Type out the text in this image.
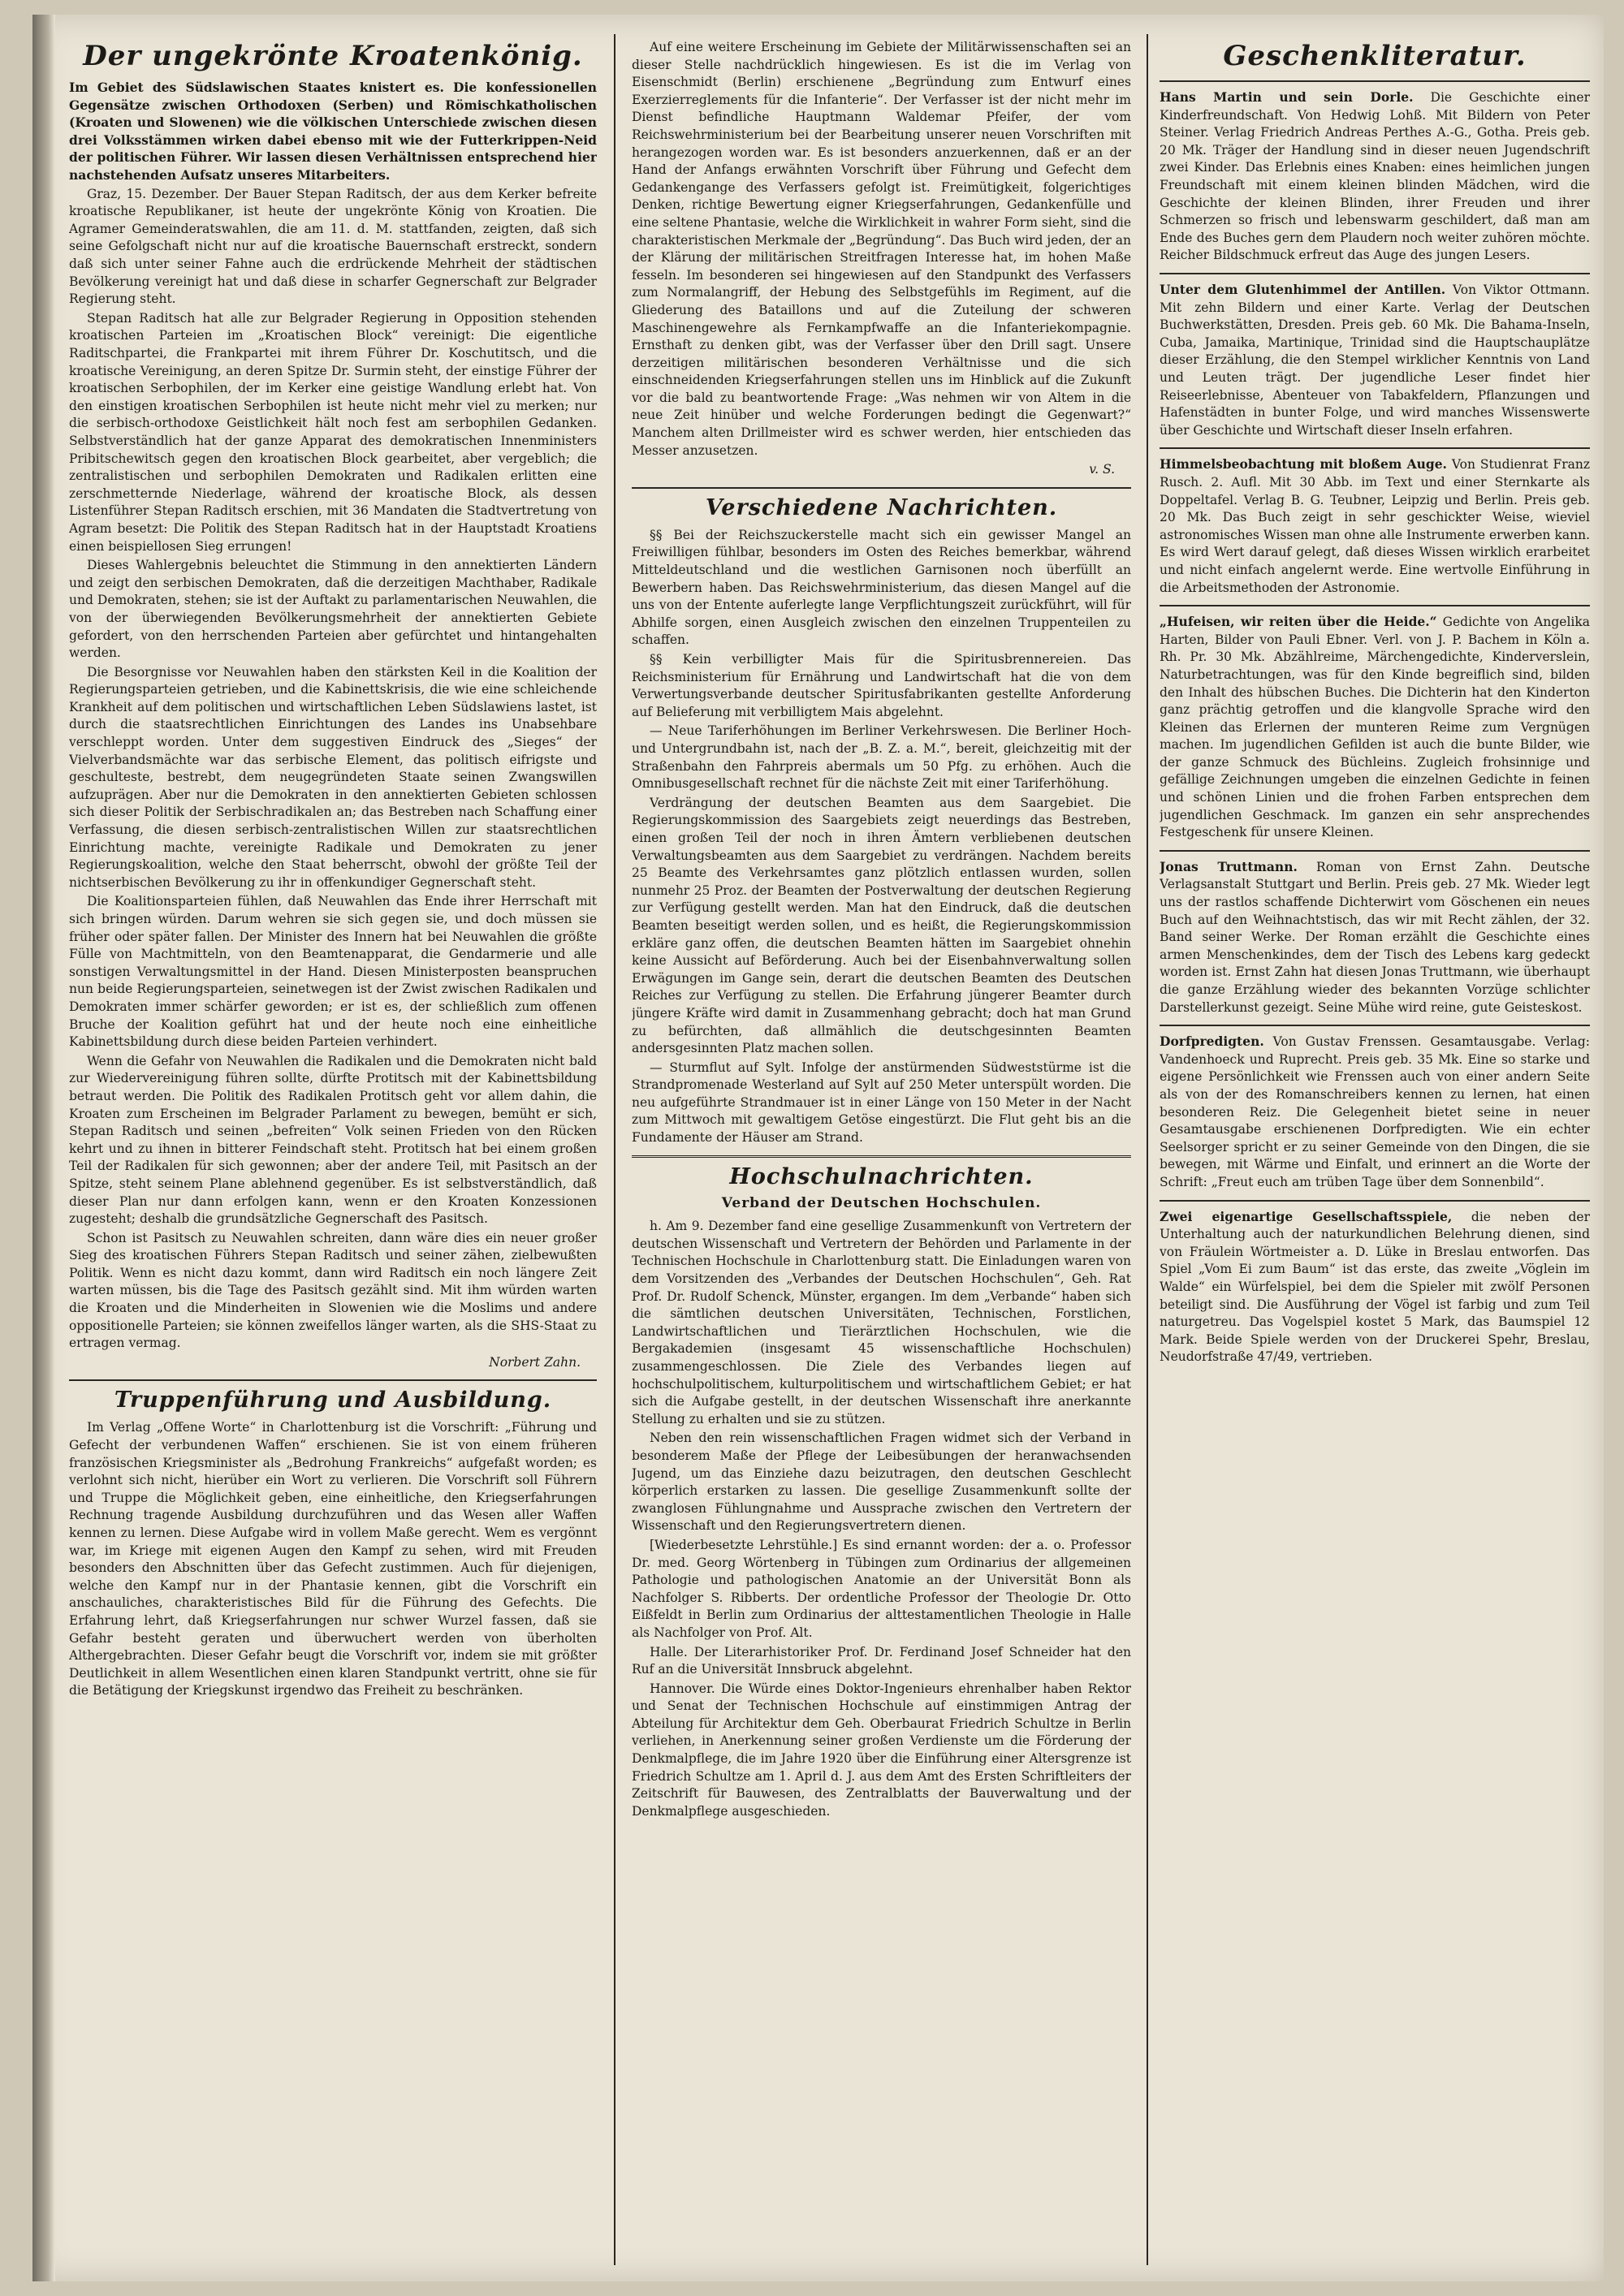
Der ungekrönte Kroatenkönig.

Im Gebiet des Südslawischen Staates knistert es. Die konfessionellen Gegensätze zwischen Orthodoxen (Serben) und Römischkatholischen (Kroaten und Slowenen) wie die völkischen Unterschiede zwischen diesen drei Volksstämmen wirken dabei ebenso mit wie der Futterkrippen-Neid der politischen Führer. Wir lassen diesen Verhältnissen entsprechend hier nachstehenden Aufsatz unseres Mitarbeiters.

Graz, 15. Dezember. Der Bauer Stepan Raditsch, der aus dem Kerker befreite kroatische Republikaner, ist heute der ungekrönte König von Kroatien. Die Agramer Gemeinderatswahlen, die am 11. d. M. stattfanden, zeigten, daß sich seine Gefolgschaft nicht nur auf die kroatische Bauernschaft erstreckt, sondern daß sich unter seiner Fahne auch die erdrückende Mehrheit der städtischen Bevölkerung vereinigt hat und daß diese in scharfer Gegnerschaft zur Belgrader Regierung steht.

Stepan Raditsch hat alle zur Belgrader Regierung in Opposition stehenden kroatischen Parteien im „Kroatischen Block“ vereinigt: Die eigentliche Raditschpartei, die Frankpartei mit ihrem Führer Dr. Koschutitsch, und die kroatische Vereinigung, an deren Spitze Dr. Surmin steht, der einstige Führer der kroatischen Serbophilen, der im Kerker eine geistige Wandlung erlebt hat. Von den einstigen kroatischen Serbophilen ist heute nicht mehr viel zu merken; nur die serbisch-orthodoxe Geistlichkeit hält noch fest am serbophilen Gedanken. Selbstverständlich hat der ganze Apparat des demokratischen Innenministers Pribitschewitsch gegen den kroatischen Block gearbeitet, aber vergeblich; die zentralistischen und serbophilen Demokraten und Radikalen erlitten eine zerschmetternde Niederlage, während der kroatische Block, als dessen Listenführer Stepan Raditsch erschien, mit 36 Mandaten die Stadtvertretung von Agram besetzt: Die Politik des Stepan Raditsch hat in der Hauptstadt Kroatiens einen beispiellosen Sieg errungen!

Dieses Wahlergebnis beleuchtet die Stimmung in den annektierten Ländern und zeigt den serbischen Demokraten, daß die derzeitigen Machthaber, Radikale und Demokraten, stehen; sie ist der Auftakt zu parlamentarischen Neuwahlen, die von der überwiegenden Bevölkerungsmehrheit der annektierten Gebiete gefordert, von den herrschenden Parteien aber gefürchtet und hintangehalten werden.

Die Besorgnisse vor Neuwahlen haben den stärksten Keil in die Koalition der Regierungsparteien getrieben, und die Kabinettskrisis, die wie eine schleichende Krankheit auf dem politischen und wirtschaftlichen Leben Südslawiens lastet, ist durch die staatsrechtlichen Einrichtungen des Landes ins Unabsehbare verschleppt worden. Unter dem suggestiven Eindruck des „Sieges“ der Vielverbandsmächte war das serbische Element, das politisch eifrigste und geschulteste, bestrebt, dem neugegründeten Staate seinen Zwangswillen aufzuprägen. Aber nur die Demokraten in den annektierten Gebieten schlossen sich dieser Politik der Serbischradikalen an; das Bestreben nach Schaffung einer Verfassung, die diesen serbisch-zentralistischen Willen zur staatsrechtlichen Einrichtung machte, vereinigte Radikale und Demokraten zu jener Regierungskoalition, welche den Staat beherrscht, obwohl der größte Teil der nichtserbischen Bevölkerung zu ihr in offenkundiger Gegnerschaft steht.

Die Koalitionsparteien fühlen, daß Neuwahlen das Ende ihrer Herrschaft mit sich bringen würden. Darum wehren sie sich gegen sie, und doch müssen sie früher oder später fallen. Der Minister des Innern hat bei Neuwahlen die größte Fülle von Machtmitteln, von den Beamtenapparat, die Gendarmerie und alle sonstigen Verwaltungsmittel in der Hand. Diesen Ministerposten beanspruchen nun beide Regierungsparteien, seinetwegen ist der Zwist zwischen Radikalen und Demokraten immer schärfer geworden; er ist es, der schließlich zum offenen Bruche der Koalition geführt hat und der heute noch eine einheitliche Kabinettsbildung durch diese beiden Parteien verhindert.

Wenn die Gefahr von Neuwahlen die Radikalen und die Demokraten nicht bald zur Wiedervereinigung führen sollte, dürfte Protitsch mit der Kabinettsbildung betraut werden. Die Politik des Radikalen Protitsch geht vor allem dahin, die Kroaten zum Erscheinen im Belgrader Parlament zu bewegen, bemüht er sich, Stepan Raditsch und seinen „befreiten“ Volk seinen Frieden von den Rücken kehrt und zu ihnen in bitterer Feindschaft steht. Protitsch hat bei einem großen Teil der Radikalen für sich gewonnen; aber der andere Teil, mit Pasitsch an der Spitze, steht seinem Plane ablehnend gegenüber. Es ist selbstverständlich, daß dieser Plan nur dann erfolgen kann, wenn er den Kroaten Konzessionen zugesteht; deshalb die grundsätzliche Gegnerschaft des Pasitsch.

Schon ist Pasitsch zu Neuwahlen schreiten, dann wäre dies ein neuer großer Sieg des kroatischen Führers Stepan Raditsch und seiner zähen, zielbewußten Politik. Wenn es nicht dazu kommt, dann wird Raditsch ein noch längere Zeit warten müssen, bis die Tage des Pasitsch gezählt sind. Mit ihm würden warten die Kroaten und die Minderheiten in Slowenien wie die Moslims und andere oppositionelle Parteien; sie können zweifellos länger warten, als die SHS-Staat zu ertragen vermag.

Norbert Zahn.
Truppenführung und Ausbildung.

Im Verlag „Offene Worte“ in Charlottenburg ist die Vorschrift: „Führung und Gefecht der verbundenen Waffen“ erschienen. Sie ist von einem früheren französischen Kriegsminister als „Bedrohung Frankreichs“ aufgefaßt worden; es verlohnt sich nicht, hierüber ein Wort zu verlieren. Die Vorschrift soll Führern und Truppe die Möglichkeit geben, eine einheitliche, den Kriegserfahrungen Rechnung tragende Ausbildung durchzuführen und das Wesen aller Waffen kennen zu lernen. Diese Aufgabe wird in vollem Maße gerecht. Wem es vergönnt war, im Kriege mit eigenen Augen den Kampf zu sehen, wird mit Freuden besonders den Abschnitten über das Gefecht zustimmen. Auch für diejenigen, welche den Kampf nur in der Phantasie kennen, gibt die Vorschrift ein anschauliches, charakteristisches Bild für die Führung des Gefechts. Die Erfahrung lehrt, daß Kriegserfahrungen nur schwer Wurzel fassen, daß sie Gefahr besteht geraten und überwuchert werden von überholten Althergebrachten. Dieser Gefahr beugt die Vorschrift vor, indem sie mit größter Deutlichkeit in allem Wesentlichen einen klaren Standpunkt vertritt, ohne sie für die Betätigung der Kriegskunst irgendwo das Freiheit zu beschränken.

Auf eine weitere Erscheinung im Gebiete der Militärwissenschaften sei an dieser Stelle nachdrücklich hingewiesen. Es ist die im Verlag von Eisenschmidt (Berlin) erschienene „Begründung zum Entwurf eines Exerzierreglements für die Infanterie“. Der Verfasser ist der nicht mehr im Dienst befindliche Hauptmann Waldemar Pfeifer, der vom Reichswehrministerium bei der Bearbeitung unserer neuen Vorschriften mit herangezogen worden war. Es ist besonders anzuerkennen, daß er an der Hand der Anfangs erwähnten Vorschrift über Führung und Gefecht dem Gedankengange des Verfassers gefolgt ist. Freimütigkeit, folgerichtiges Denken, richtige Bewertung eigner Kriegserfahrungen, Gedankenfülle und eine seltene Phantasie, welche die Wirklichkeit in wahrer Form sieht, sind die charakteristischen Merkmale der „Begründung“. Das Buch wird jeden, der an der Klärung der militärischen Streitfragen Interesse hat, im hohen Maße fesseln. Im besonderen sei hingewiesen auf den Standpunkt des Verfassers zum Normalangriff, der Hebung des Selbstgefühls im Regiment, auf die Gliederung des Bataillons und auf die Zuteilung der schweren Maschinengewehre als Fernkampfwaffe an die Infanteriekompagnie. Ernsthaft zu denken gibt, was der Verfasser über den Drill sagt. Unsere derzeitigen militärischen besonderen Verhältnisse und die sich einschneidenden Kriegserfahrungen stellen uns im Hinblick auf die Zukunft vor die bald zu beantwortende Frage: „Was nehmen wir von Altem in die neue Zeit hinüber und welche Forderungen bedingt die Gegenwart?“ Manchem alten Drillmeister wird es schwer werden, hier entschieden das Messer anzusetzen.

v. S.
Verschiedene Nachrichten.

§§ Bei der Reichszuckerstelle macht sich ein gewisser Mangel an Freiwilligen fühlbar, besonders im Osten des Reiches bemerkbar, während Mitteldeutschland und die westlichen Garnisonen noch überfüllt an Bewerbern haben. Das Reichswehrministerium, das diesen Mangel auf die uns von der Entente auferlegte lange Verpflichtungszeit zurückführt, will für Abhilfe sorgen, einen Ausgleich zwischen den einzelnen Truppenteilen zu schaffen.

§§ Kein verbilligter Mais für die Spiritusbrennereien. Das Reichsministerium für Ernährung und Landwirtschaft hat die von dem Verwertungsverbande deutscher Spiritusfabrikanten gestellte Anforderung auf Belieferung mit verbilligtem Mais abgelehnt.

— Neue Tariferhöhungen im Berliner Verkehrswesen. Die Berliner Hoch- und Untergrundbahn ist, nach der „B. Z. a. M.“, bereit, gleichzeitig mit der Straßenbahn den Fahrpreis abermals um 50 Pfg. zu erhöhen. Auch die Omnibusgesellschaft rechnet für die nächste Zeit mit einer Tariferhöhung.

Verdrängung der deutschen Beamten aus dem Saargebiet. Die Regierungskommission des Saargebiets zeigt neuerdings das Bestreben, einen großen Teil der noch in ihren Ämtern verbliebenen deutschen Verwaltungsbeamten aus dem Saargebiet zu verdrängen. Nachdem bereits 25 Beamte des Verkehrsamtes ganz plötzlich entlassen wurden, sollen nunmehr 25 Proz. der Beamten der Postverwaltung der deutschen Regierung zur Verfügung gestellt werden. Man hat den Eindruck, daß die deutschen Beamten beseitigt werden sollen, und es heißt, die Regierungskommission erkläre ganz offen, die deutschen Beamten hätten im Saargebiet ohnehin keine Aussicht auf Beförderung. Auch bei der Eisenbahnverwaltung sollen Erwägungen im Gange sein, derart die deutschen Beamten des Deutschen Reiches zur Verfügung zu stellen. Die Erfahrung jüngerer Beamter durch jüngere Kräfte wird damit in Zusammenhang gebracht; doch hat man Grund zu befürchten, daß allmählich die deutschgesinnten Beamten andersgesinnten Platz machen sollen.

— Sturmflut auf Sylt. Infolge der anstürmenden Südweststürme ist die Strandpromenade Westerland auf Sylt auf 250 Meter unterspült worden. Die neu aufgeführte Strandmauer ist in einer Länge von 150 Meter in der Nacht zum Mittwoch mit gewaltigem Getöse eingestürzt. Die Flut geht bis an die Fundamente der Häuser am Strand.

Hochschulnachrichten.
Verband der Deutschen Hochschulen.

h. Am 9. Dezember fand eine gesellige Zusammenkunft von Vertretern der deutschen Wissenschaft und Vertretern der Behörden und Parlamente in der Technischen Hochschule in Charlottenburg statt. Die Einladungen waren von dem Vorsitzenden des „Verbandes der Deutschen Hochschulen“, Geh. Rat Prof. Dr. Rudolf Schenck, Münster, ergangen. Im dem „Verbande“ haben sich die sämtlichen deutschen Universitäten, Technischen, Forstlichen, Landwirtschaftlichen und Tierärztlichen Hochschulen, wie die Bergakademien (insgesamt 45 wissenschaftliche Hochschulen) zusammengeschlossen. Die Ziele des Verbandes liegen auf hochschulpolitischem, kulturpolitischem und wirtschaftlichem Gebiet; er hat sich die Aufgabe gestellt, in der deutschen Wissenschaft ihre anerkannte Stellung zu erhalten und sie zu stützen.

Neben den rein wissenschaftlichen Fragen widmet sich der Verband in besonderem Maße der Pflege der Leibesübungen der heranwachsenden Jugend, um das Einziehe dazu beizutragen, den deutschen Geschlecht körperlich erstarken zu lassen. Die gesellige Zusammenkunft sollte der zwanglosen Fühlungnahme und Aussprache zwischen den Vertretern der Wissenschaft und den Regierungsvertretern dienen.

[Wiederbesetzte Lehrstühle.] Es sind ernannt worden: der a. o. Professor Dr. med. Georg Wörtenberg in Tübingen zum Ordinarius der allgemeinen Pathologie und pathologischen Anatomie an der Universität Bonn als Nachfolger S. Ribberts. Der ordentliche Professor der Theologie Dr. Otto Eißfeldt in Berlin zum Ordinarius der alttestamentlichen Theologie in Halle als Nachfolger von Prof. Alt.

Halle. Der Literarhistoriker Prof. Dr. Ferdinand Josef Schneider hat den Ruf an die Universität Innsbruck abgelehnt.

Hannover. Die Würde eines Doktor-Ingenieurs ehrenhalber haben Rektor und Senat der Technischen Hochschule auf einstimmigen Antrag der Abteilung für Architektur dem Geh. Oberbaurat Friedrich Schultze in Berlin verliehen, in Anerkennung seiner großen Verdienste um die Förderung der Denkmalpflege, die im Jahre 1920 über die Einführung einer Altersgrenze ist Friedrich Schultze am 1. April d. J. aus dem Amt des Ersten Schriftleiters der Zeitschrift für Bauwesen, des Zentralblatts der Bauverwaltung und der Denkmalpflege ausgeschieden.

Geschenkliteratur.

Hans Martin und sein Dorle. Die Geschichte einer Kinderfreundschaft. Von Hedwig Lohß. Mit Bildern von Peter Steiner. Verlag Friedrich Andreas Perthes A.-G., Gotha. Preis geb. 20 Mk. Träger der Handlung sind in dieser neuen Jugendschrift zwei Kinder. Das Erlebnis eines Knaben: eines heimlichen jungen Freundschaft mit einem kleinen blinden Mädchen, wird die Geschichte der kleinen Blinden, ihrer Freuden und ihrer Schmerzen so frisch und lebenswarm geschildert, daß man am Ende des Buches gern dem Plaudern noch weiter zuhören möchte. Reicher Bildschmuck erfreut das Auge des jungen Lesers.

Unter dem Glutenhimmel der Antillen. Von Viktor Ottmann. Mit zehn Bildern und einer Karte. Verlag der Deutschen Buchwerkstätten, Dresden. Preis geb. 60 Mk. Die Bahama-Inseln, Cuba, Jamaika, Martinique, Trinidad sind die Hauptschauplätze dieser Erzählung, die den Stempel wirklicher Kenntnis von Land und Leuten trägt. Der jugendliche Leser findet hier Reiseerlebnisse, Abenteuer von Tabakfeldern, Pflanzungen und Hafenstädten in bunter Folge, und wird manches Wissenswerte über Geschichte und Wirtschaft dieser Inseln erfahren.

Himmelsbeobachtung mit bloßem Auge. Von Studienrat Franz Rusch. 2. Aufl. Mit 30 Abb. im Text und einer Sternkarte als Doppeltafel. Verlag B. G. Teubner, Leipzig und Berlin. Preis geb. 20 Mk. Das Buch zeigt in sehr geschickter Weise, wieviel astronomisches Wissen man ohne alle Instrumente erwerben kann. Es wird Wert darauf gelegt, daß dieses Wissen wirklich erarbeitet und nicht einfach angelernt werde. Eine wertvolle Einführung in die Arbeitsmethoden der Astronomie.

„Hufeisen, wir reiten über die Heide.“ Gedichte von Angelika Harten, Bilder von Pauli Ebner. Verl. von J. P. Bachem in Köln a. Rh. Pr. 30 Mk. Abzählreime, Märchengedichte, Kinderverslein, Naturbetrachtungen, was für den Kinde begreiflich sind, bilden den Inhalt des hübschen Buches. Die Dichterin hat den Kinderton ganz prächtig getroffen und die klangvolle Sprache wird den Kleinen das Erlernen der munteren Reime zum Vergnügen machen. Im jugendlichen Gefilden ist auch die bunte Bilder, wie der ganze Schmuck des Büchleins. Zugleich frohsinnige und gefällige Zeichnungen umgeben die einzelnen Gedichte in feinen und schönen Linien und die frohen Farben entsprechen dem jugendlichen Geschmack. Im ganzen ein sehr ansprechendes Festgeschenk für unsere Kleinen.

Jonas Truttmann. Roman von Ernst Zahn. Deutsche Verlagsanstalt Stuttgart und Berlin. Preis geb. 27 Mk. Wieder legt uns der rastlos schaffende Dichterwirt vom Göschenen ein neues Buch auf den Weihnachtstisch, das wir mit Recht zählen, der 32. Band seiner Werke. Der Roman erzählt die Geschichte eines armen Menschenkindes, dem der Tisch des Lebens karg gedeckt worden ist. Ernst Zahn hat diesen Jonas Truttmann, wie überhaupt die ganze Erzählung wieder des bekannten Vorzüge schlichter Darstellerkunst gezeigt. Seine Mühe wird reine, gute Geisteskost.

Dorfpredigten. Von Gustav Frenssen. Gesamtausgabe. Verlag: Vandenhoeck und Ruprecht. Preis geb. 35 Mk. Eine so starke und eigene Persönlichkeit wie Frenssen auch von einer andern Seite als von der des Romanschreibers kennen zu lernen, hat einen besonderen Reiz. Die Gelegenheit bietet seine in neuer Gesamtausgabe erschienenen Dorfpredigten. Wie ein echter Seelsorger spricht er zu seiner Gemeinde von den Dingen, die sie bewegen, mit Wärme und Einfalt, und erinnert an die Worte der Schrift: „Freut euch am trüben Tage über dem Sonnenbild“.

Zwei eigenartige Gesellschaftsspiele, die neben der Unterhaltung auch der naturkundlichen Belehrung dienen, sind von Fräulein Wörtmeister a. D. Lüke in Breslau entworfen. Das Spiel „Vom Ei zum Baum“ ist das erste, das zweite „Vöglein im Walde“ ein Würfelspiel, bei dem die Spieler mit zwölf Personen beteiligt sind. Die Ausführung der Vögel ist farbig und zum Teil naturgetreu. Das Vogelspiel kostet 5 Mark, das Baumspiel 12 Mark. Beide Spiele werden von der Druckerei Spehr, Breslau, Neudorfstraße 47/49, vertrieben.
